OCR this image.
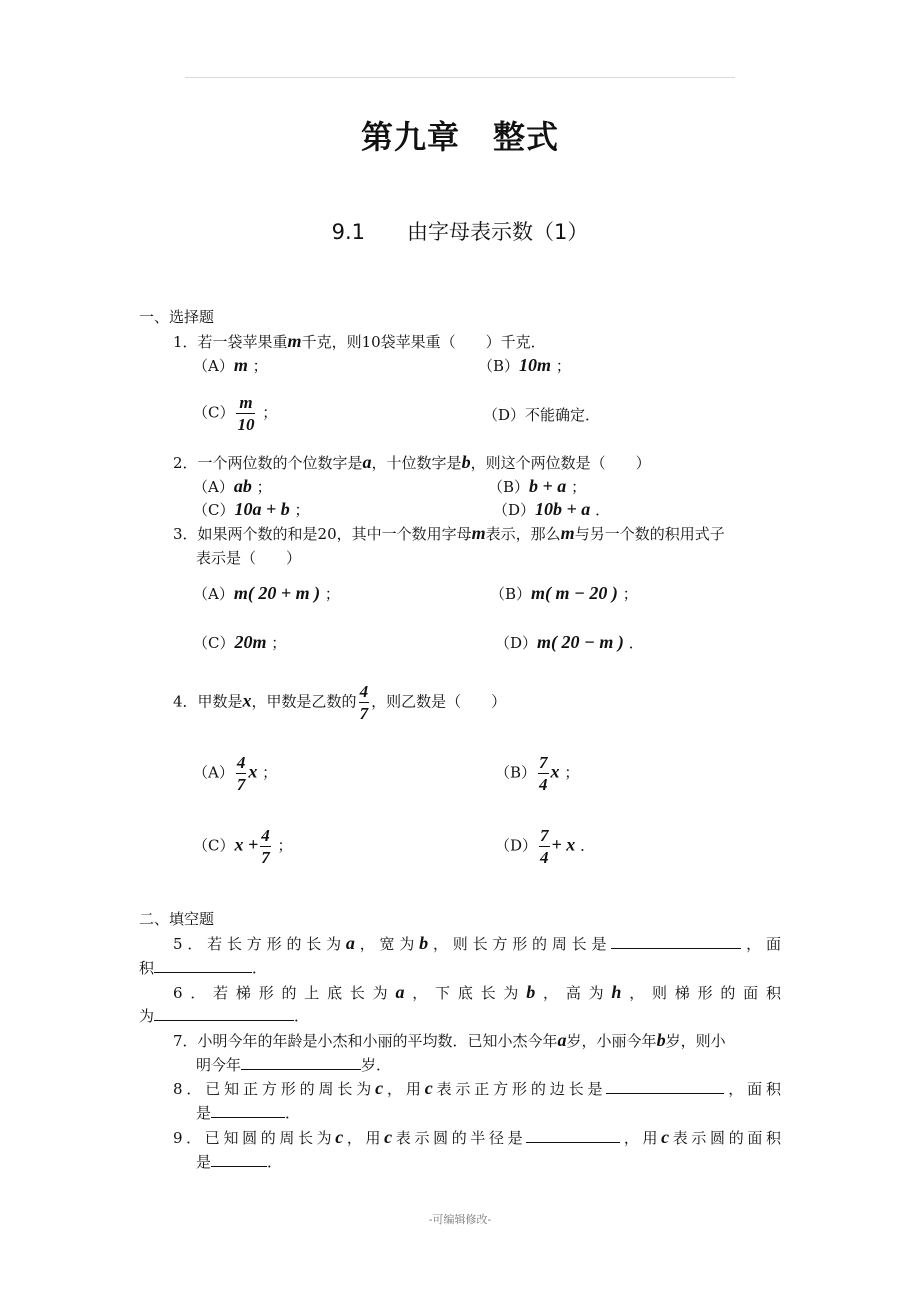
第九章　整式
9.1　　由字母表示数（1）
一、选择题
1．若一袋苹果重m千克，则10袋苹果重（　　）千克．
（A）m ；	（B）10m ；
$(C) \frac{m}{10}$ ；	（D）不能确定．
2．一个两位数的个位数字是a，十位数字是b，则这个两位数是（　　）
（A）ab ；	（B）b + a ；
（C）10a + b ；	（D）10b + a ．
3．如果两个数的和是20，其中一个数用字母m表示，那么m与另一个数的积用式子
表示是（　　）
（A）m( 20 + m ) ；	（B）m( m − 20 ) ；
（C）20m ；	（D）m( 20 − m ) ．
4．甲数是x，甲数是乙数的 $\frac{4}{7}$ ，则乙数是（　　）
$(A) \frac{4}{7}$ x ；	$(B) \frac{7}{4}$ x ；
$(C)x + \frac{4}{7}$ ；	$(D) \frac{7}{4} + x$ ．
二、填空题
5．若长方形的长为a，宽为b，则长方形的周长是	，面
积	．
6．若梯形的上底长为a，下底长为b，高为h，则梯形的面积
为	．
7．小明今年的年龄是小杰和小丽的平均数．已知小杰今年a岁，小丽今年b岁，则小
明今年	岁．
8．已知正方形的周长为c，用c表示正方形的边长是	，面积
是	．
9．已知圆的周长为c，用c表示圆的半径是	，用c表示圆的面积
是	．
-可编辑修改-
